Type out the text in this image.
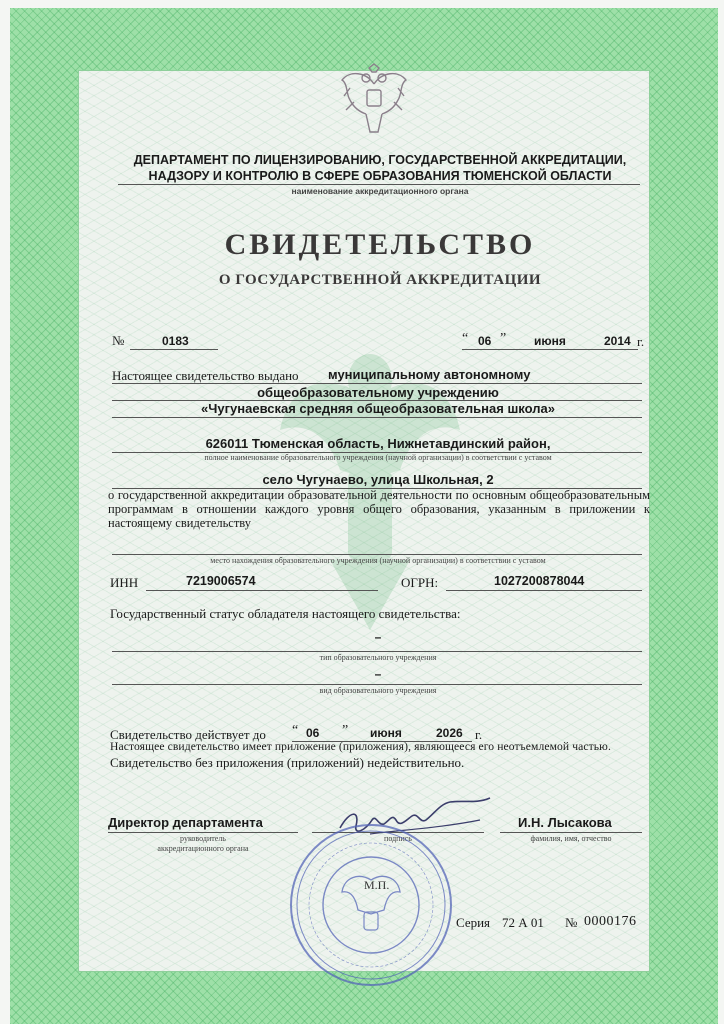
ДЕПАРТАМЕНТ ПО ЛИЦЕНЗИРОВАНИЮ, ГОСУДАРСТВЕННОЙ АККРЕДИТАЦИИ,
НАДЗОРУ И КОНТРОЛЮ В СФЕРЕ ОБРАЗОВАНИЯ ТЮМЕНСКОЙ ОБЛАСТИ
наименование аккредитационного органа
СВИДЕТЕЛЬСТВО
О ГОСУДАРСТВЕННОЙ АККРЕДИТАЦИИ
№	0183	“ 06 ” июня	2014 г.
Настоящее свидетельство выдано муниципальному автономному
общеобразовательному учреждению
«Чугунаевская средняя общеобразовательная школа»
626011 Тюменская область, Нижнетавдинский район,
полное наименование образовательного учреждения (научной организации) в соответствии с уставом
село Чугунаево, улица Школьная, 2
о государственной аккредитации образовательной деятельности по основным общеобразовательным программам в отношении каждого уровня общего образования, указанным в приложении к настоящему свидетельству
место нахождения образовательного учреждения (научной организации) в соответствии с уставом
ИНН	7219006574	ОГРН:	1027200878044
Государственный статус обладателя настоящего свидетельства:
–
тип образовательного учреждения
–
вид образовательного учреждения
Свидетельство действует до “ 06 ” июня	2026 г.
Настоящее свидетельство имеет приложение (приложения), являющееся его неотъемлемой частью.
Свидетельство без приложения (приложений) недействительно.
Директор департамента
руководитель
аккредитационного органа
подпись
И.Н. Лысакова
фамилия, имя, отчество
М.П.
Серия 72 А 01 № 0000176
